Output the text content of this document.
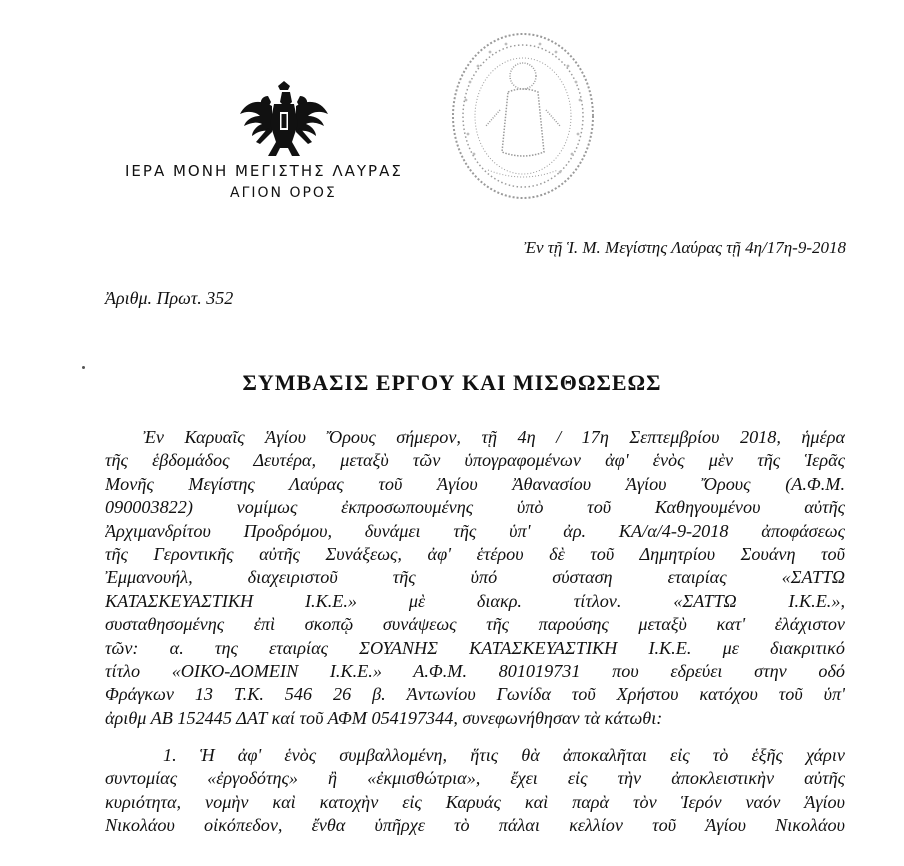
ΙΕΡΑ ΜΟΝΗ ΜΕΓΙΣΤΗΣ ΛΑΥΡΑΣ
ΑΓΙΟΝ ΟΡΟΣ
Ἐν τῇ Ἱ. Μ. Μεγίστης Λαύρας τῇ 4η/17η-9-2018
Ἀριθμ. Πρωτ. 352
ΣΥΜΒΑΣΙΣ ΕΡΓΟΥ ΚΑΙ ΜΙΣΘΩΣΕΩΣ
Ἐν Καρυαῖς Ἁγίου Ὄρους σήμερον, τῇ 4η / 17η Σεπτεμβρίου 2018, ἡμέρα
τῆς ἑβδομάδος Δευτέρα, μεταξὺ τῶν ὑπογραφομένων ἀφ' ἑνὸς μὲν τῆς Ἱερᾶς
Μονῆς Μεγίστης Λαύρας τοῦ Ἁγίου Ἀθανασίου Ἁγίου Ὄρους (Α.Φ.Μ.
090003822) νομίμως ἐκπροσωπουμένης ὑπὸ τοῦ Καθηγουμένου αὐτῆς
Ἀρχιμανδρίτου Προδρόμου, δυνάμει τῆς ὑπ' ἀρ. ΚΑ/α/4-9-2018 ἀποφάσεως
τῆς Γεροντικῆς αὐτῆς Συνάξεως, ἀφ' ἑτέρου δὲ τοῦ Δημητρίου Σουάνη τοῦ
Ἐμμανουήλ, διαχειριστοῦ τῆς ὑπό σύσταση εταιρίας «ΣΑΤΤΩ
ΚΑΤΑΣΚΕΥΑΣΤΙΚΗ Ι.Κ.Ε.» μὲ διακρ. τίτλον. «ΣΑΤΤΩ Ι.Κ.Ε.»,
συσταθησομένης ἐπὶ σκοπῷ συνάψεως τῆς παρούσης μεταξὺ κατ' ἐλάχιστον
τῶν: α. της εταιρίας ΣΟΥΑΝΗΣ ΚΑΤΑΣΚΕΥΑΣΤΙΚΗ Ι.Κ.Ε. με διακριτικό
τίτλο «ΟΙΚΟ-ΔΟΜΕΙΝ Ι.Κ.Ε.» Α.Φ.Μ. 801019731 που εδρεύει στην οδό
Φράγκων 13 Τ.Κ. 546 26 β. Ἀντωνίου Γωνίδα τοῦ Χρήστου κατόχου τοῦ ὑπ'
ἀριθμ ΑΒ 152445 ΔΑΤ καί τοῦ ΑΦΜ 054197344, συνεφωνήθησαν τὰ κάτωθι:
1. Ἡ ἀφ' ἑνὸς συμβαλλομένη, ἥτις θὰ ἀποκαλῆται εἰς τὸ ἑξῆς χάριν
συντομίας «ἐργοδότης» ἢ «ἐκμισθώτρια», ἔχει εἰς τὴν ἀποκλειστικὴν αὐτῆς
κυριότητα, νομὴν καὶ κατοχὴν εἰς Καρυάς καὶ παρὰ τὸν Ἱερόν ναόν Ἁγίου
Νικολάου οἰκόπεδον, ἔνθα ὑπῆρχε τὸ πάλαι κελλίον τοῦ Ἁγίου Νικολάου
